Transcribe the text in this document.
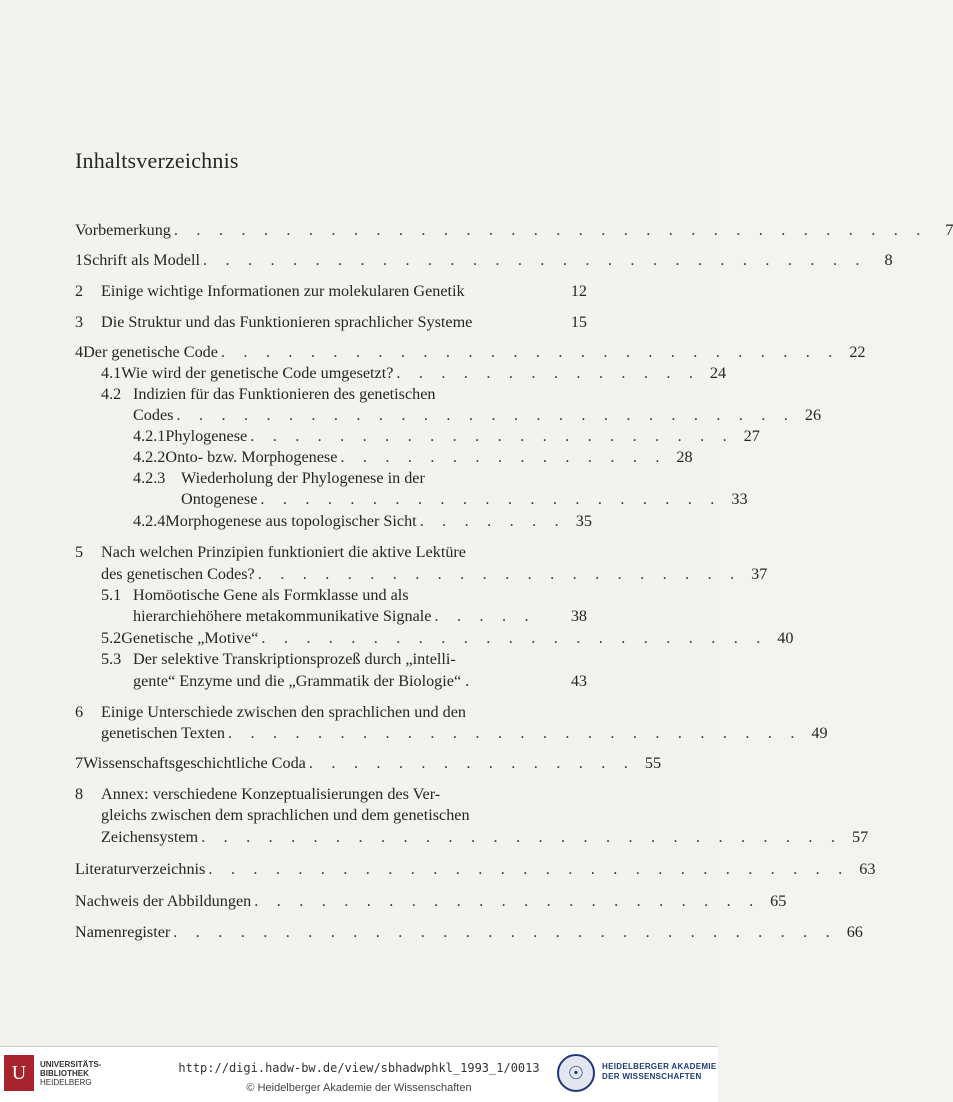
Inhaltsverzeichnis
Vorbemerkung . . . . . . . . . . . . . . . . . . . . . . . . . . . . . . . . . .	7
1 Schrift als Modell . . . . . . . . . . . . . . . . . . . . . . . . . . . . . .	8
2	Einige wichtige Informationen zur molekularen Genetik	12
3	Die Struktur und das Funktionieren sprachlicher Systeme	15
4 Der genetische Code . . . . . . . . . . . . . . . . . . . . . . . . . . . . 22
4.1 Wie wird der genetische Code umgesetzt? . . . . . . . . . . . . . . 24
4.2 Indizien für das Funktionieren des genetischen
Codes . . . . . . . . . . . . . . . . . . . . . . . . . . . . 26
4.2.1 Phylogenese . . . . . . . . . . . . . . . . . . . . . . 27
4.2.2 Onto- bzw. Morphogenese . . . . . . . . . . . . . . . 28
4.2.3 Wiederholung der Phylogenese in der
Ontogenese . . . . . . . . . . . . . . . . . . . . . 33
4.2.4 Morphogenese aus topologischer Sicht . . . . . . . 35
5	Nach welchen Prinzipien funktioniert die aktive Lektüre
des genetischen Codes? . . . . . . . . . . . . . . . . . . . . . . 37
5.1 Homöotische Gene als Formklasse und als
hierarchiehöhere metakommunikative Signale . . . . .	38
5.2 Genetische „Motive“ . . . . . . . . . . . . . . . . . . . . . . . 40
5.3 Der selektive Transkriptionsprozeß durch „intelli-
gente“ Enzyme und die „Grammatik der Biologie“ .	43
6	Einige Unterschiede zwischen den sprachlichen und den
genetischen Texten . . . . . . . . . . . . . . . . . . . . . . . . . . 49
7 Wissenschaftsgeschichtliche Coda . . . . . . . . . . . . . . . 55
8	Annex: verschiedene Konzeptualisierungen des Ver-
gleichs zwischen dem sprachlichen und dem genetischen
Zeichensystem . . . . . . . . . . . . . . . . . . . . . . . . . . . . . 57
Literaturverzeichnis . . . . . . . . . . . . . . . . . . . . . . . . . . . . . 63
Nachweis der Abbildungen . . . . . . . . . . . . . . . . . . . . . . . 65
Namenregister . . . . . . . . . . . . . . . . . . . . . . . . . . . . . . 66
U	UNIVERSITÄTS-
BIBLIOTHEK
HEIDELBERG
http://digi.hadw-bw.de/view/sbhadwphkl_1993_1/0013
© Heidelberger Akademie der Wissenschaften
☉	HEIDELBERGER AKADEMIE
DER WISSENSCHAFTEN
